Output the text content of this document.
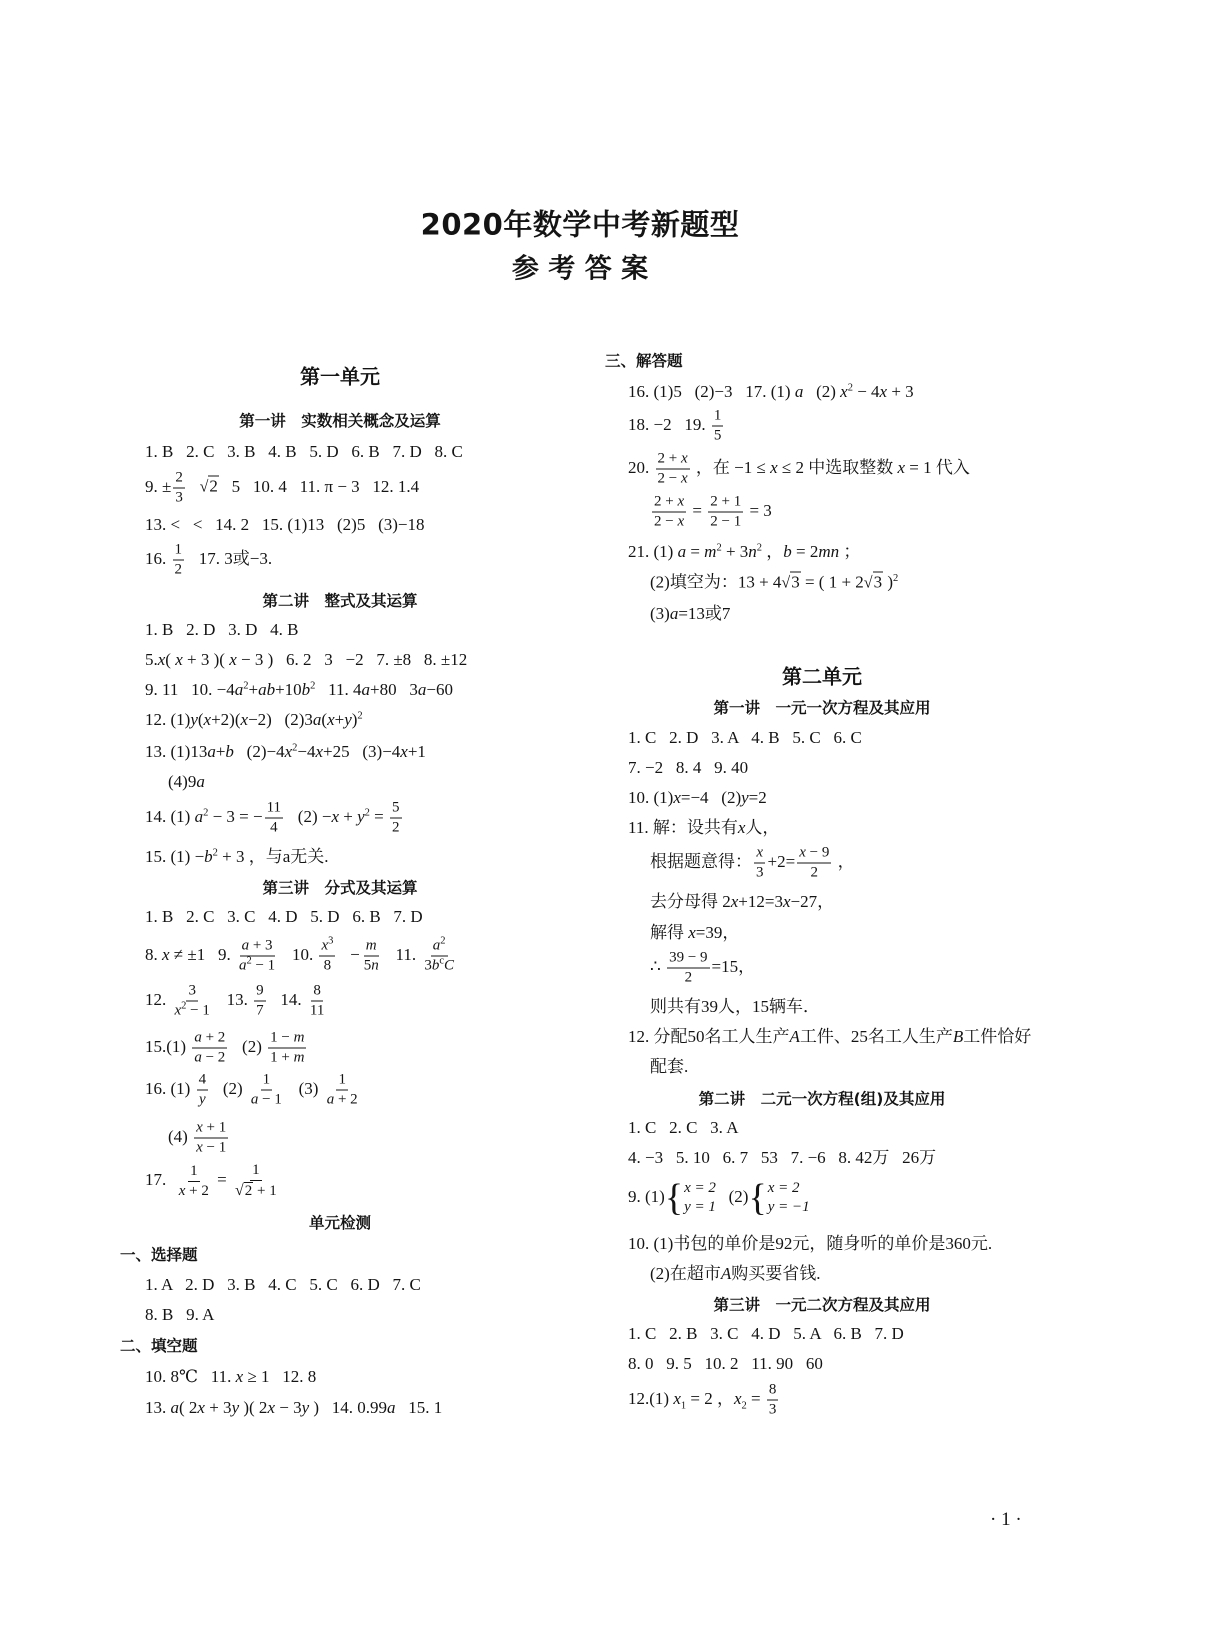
2020年数学中考新题型
参 考 答 案
第一单元
第一讲　实数相关概念及运算
1. B   2. C   3. B   4. B   5. D   6. B   7. D   8. C
9. ± $\frac{2}{3} √2$   5   10. 4   11. π − 3   12. 1.4
13. <   <   14. 2   15. (1)13   (2)5   (3)−18
16. $\frac{1}{2} 17$. 3或−3.
第二讲　整式及其运算
1. B   2. D   3. D   4. B
5.x( x + 3 )( x − 3 )   6. 2   3   −2   7. ±8   8. ±12
9. 11   10. $-4a^2+ab+10b^2$   11. 4a+80   3a−60
12. (1)y(x+2)(x−2)   $(2)3a(x+y)^2$
13. (1)13a+b   $(2)-4x^2-4x+25$   (3)−4x+1
(4)9a
14. (1) $a^2 - 3$ = − $\frac{11}{4} (2) -x + y^2 = \frac{5}{2}$
15. $(1) -b^2 + 3$ ，与a无关.
第三讲　分式及其运算
1. B   2. C   3. C   4. D   5. D   6. B   7. D
8. x ≠ ±1   9. $\frac{a + 3}{a^2 - 1} 10$. $\frac{x^3}{8} - \frac{m}{5n} 11$. $\frac{a^2}{3b^cC}$
12. $\frac{3}{x^2 - 1} 13$. $\frac{9}{7} 14$. $\frac{8}{11}$
$15.(1) \frac{a + 2}{a - 2} (2) \frac{1 - m}{1 + m}$
16. $(1) \frac{4}{y} (2) \frac{1}{a - 1} (3) \frac{1}{a + 2}$
$(4) \frac{x + 1}{x - 1}$
17. $\frac{1}{x + 2} = \frac{1}{√2 + 1}$
单元检测
一、选择题
1. A   2. D   3. B   4. C   5. C   6. D   7. C
8. B   9. A
二、填空题
10. 8℃   11. x ≥ 1   12. 8
13. a( 2x + 3y )( 2x − 3y )   14. 0.99a   15. 1
三、解答题
16. (1)5   (2)−3   17. (1) a   (2) $x^2 - 4x + 3$
18. −2   19. $\frac{1}{5}$
20. $\frac{2 + x}{2 - x}$ ，在 −1 ≤ x ≤ 2 中选取整数 x = 1 代入
$\frac{2 + x}{2 - x} = \frac{2 + 1}{2 - 1} = 3$
21. (1) $a = m^2 + 3n^2$ ，b = 2mn ；
(2)填空为：13 + 4√3 = ( 1 + 2√3 )$^2$
(3)a=13或7
第二单元
第一讲　一元一次方程及其应用
1. C   2. D   3. A   4. B   5. C   6. C
7. −2   8. 4   9. 40
10. (1)x=−4   (2)y=2
11. 解：设共有x人，
根据题意得： $\frac{x}{3} +2= \frac{x - 9}{2}$ ，
去分母得 2x+12=3x−27，
解得 x=39，
∴ $\frac{39 - 9}{2} =15$，
则共有39人，15辆车．
12. 分配50名工人生产A工件、25名工人生产B工件恰好
配套.
第二讲　二元一次方程(组)及其应用
1. C   2. C   3. A
4. −3   5. 10   6. 7   53   7. −6   8. 42万   26万
9. (1) { x = 2
y = 1
(2) { x = 2
y = −1
10. (1)书包的单价是92元，随身听的单价是360元.
(2)在超市A购买要省钱.
第三讲　一元二次方程及其应用
1. C   2. B   3. C   4. D   5. A   6. B   7. D
8. 0   9. 5   10. 2   11. 90   60
12.(1) $x_1 = 2$ ，$x_2 = \frac{8}{3}$
· 1 ·
